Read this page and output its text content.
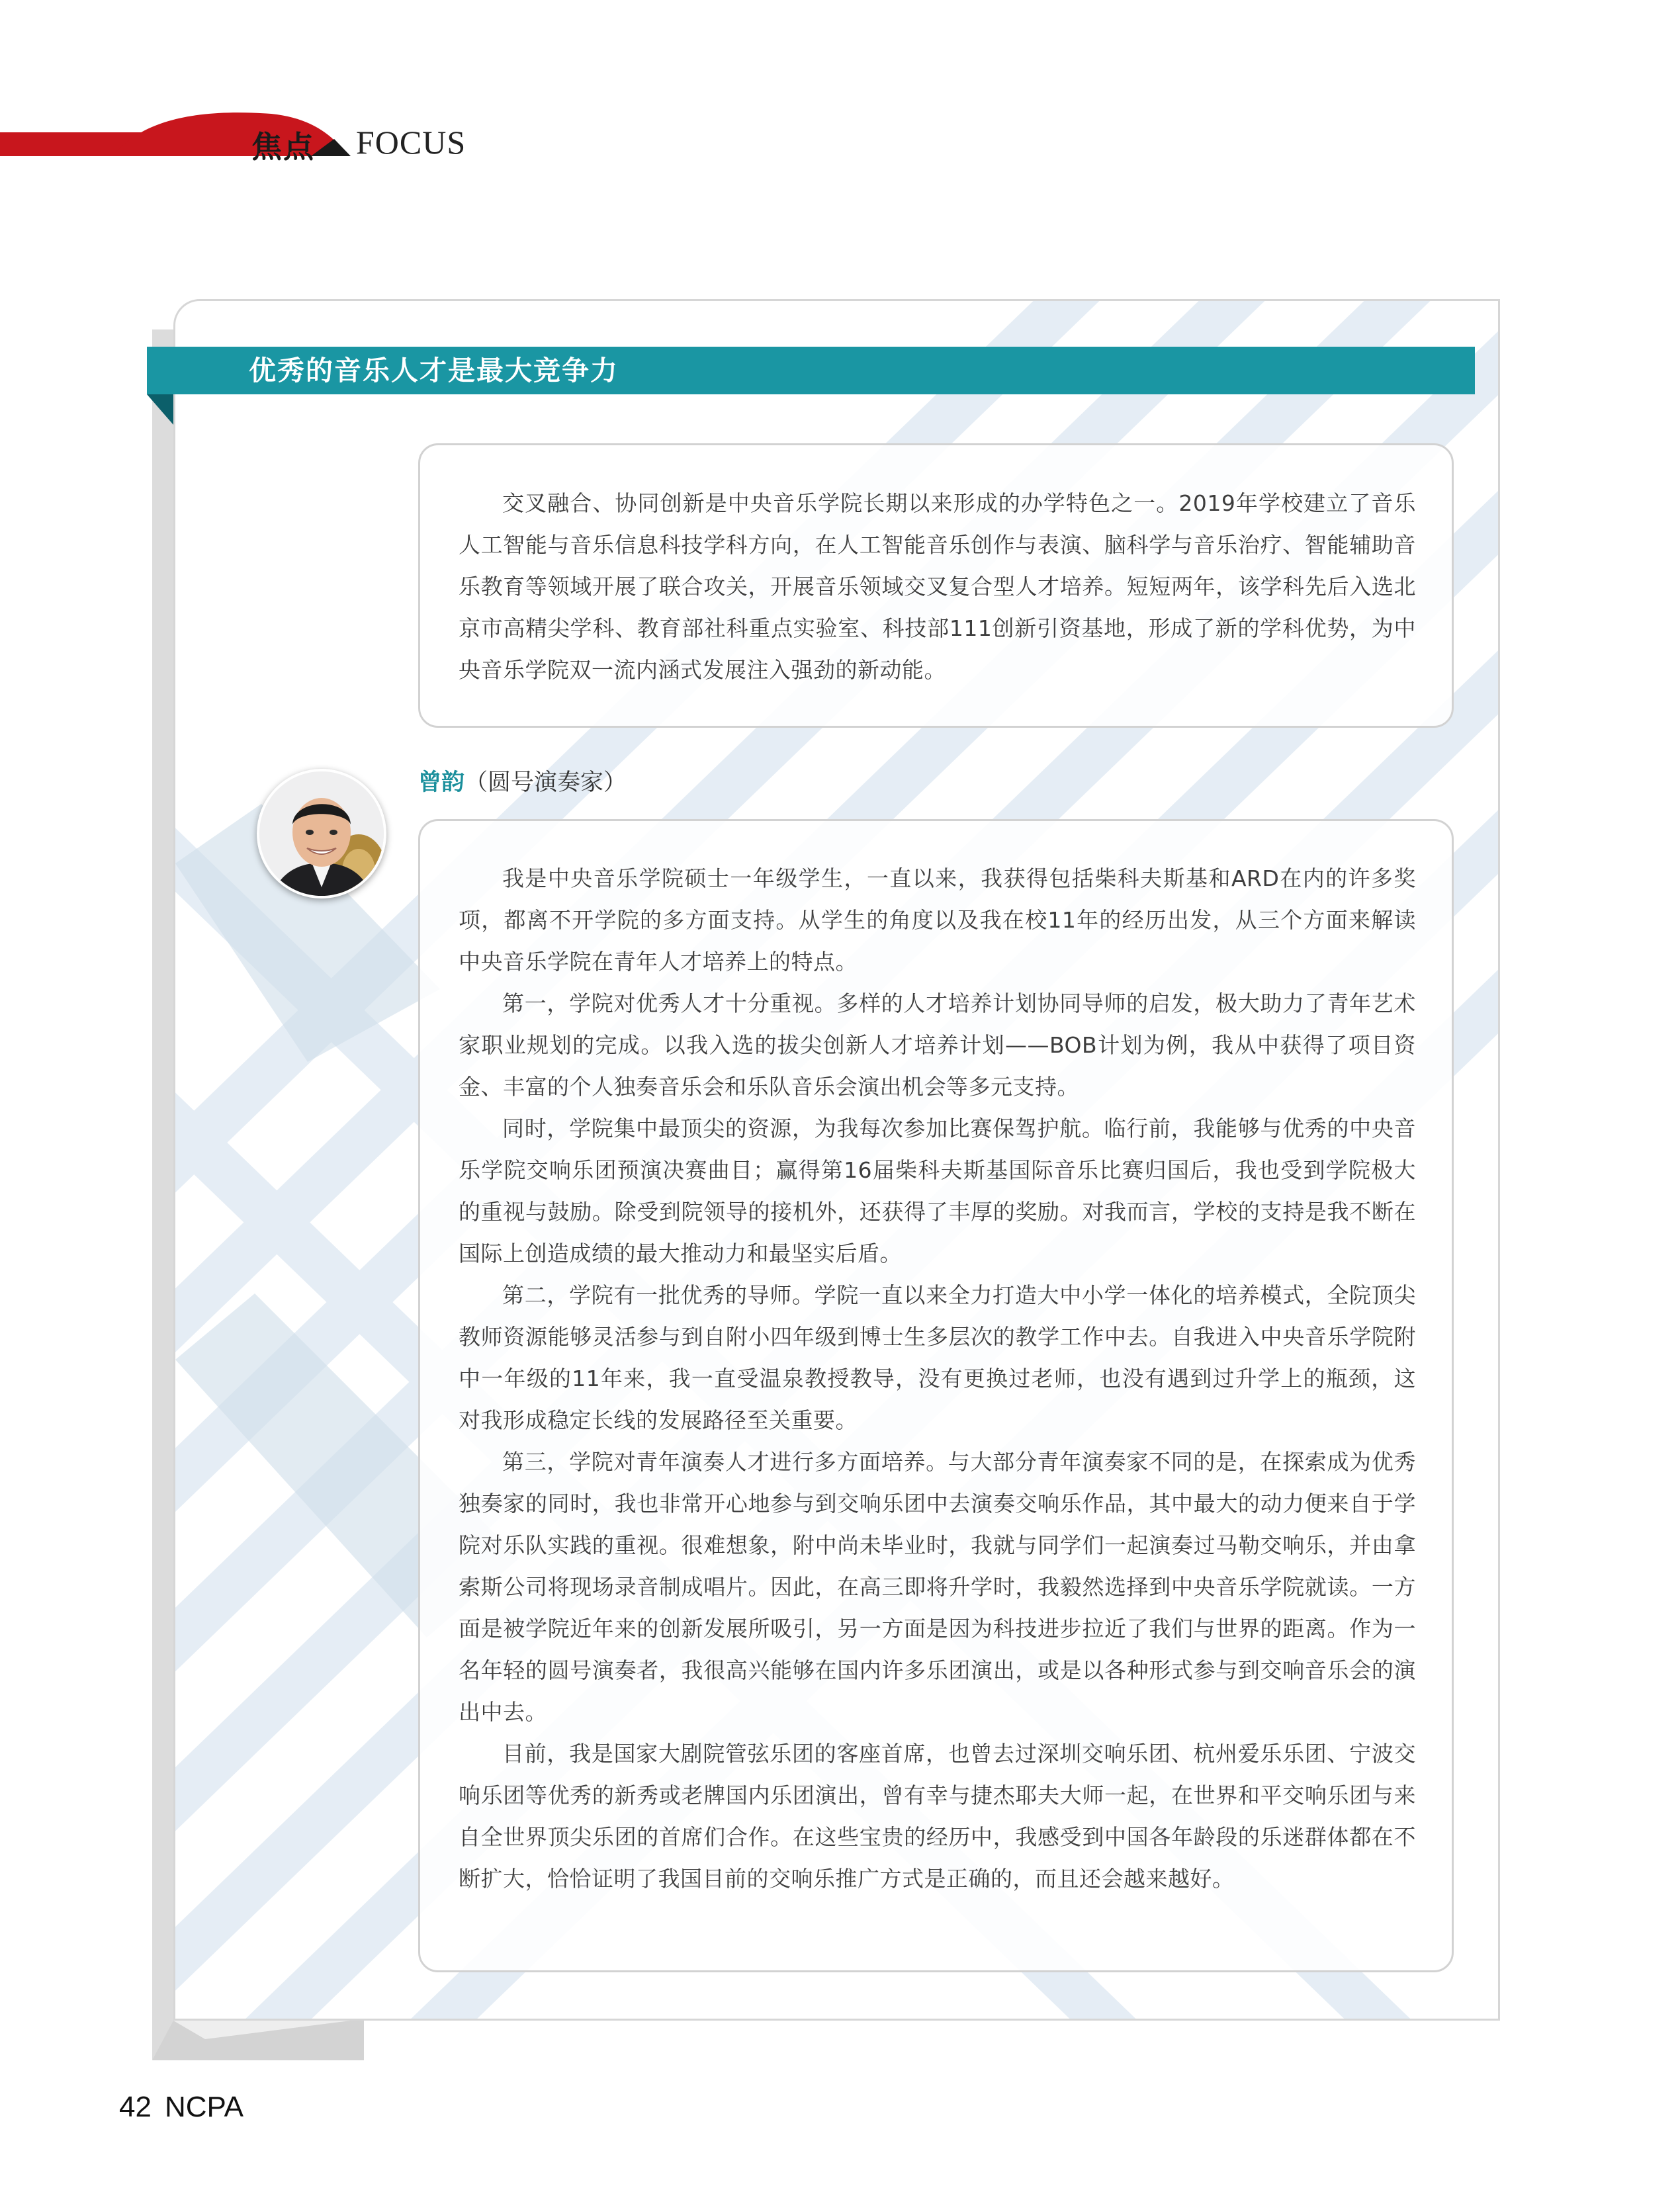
焦点 FOCUS
优秀的音乐人才是最大竞争力

交叉融合、协同创新是中央音乐学院长期以来形成的办学特色之一。2019年学校建立了音乐人工智能与音乐信息科技学科方向，在人工智能音乐创作与表演、脑科学与音乐治疗、智能辅助音乐教育等领域开展了联合攻关，开展音乐领域交叉复合型人才培养。短短两年，该学科先后入选北京市高精尖学科、教育部社科重点实验室、科技部111创新引资基地，形成了新的学科优势，为中央音乐学院双一流内涵式发展注入强劲的新动能。

曾韵（圆号演奏家）

我是中央音乐学院硕士一年级学生，一直以来，我获得包括柴科夫斯基和ARD在内的许多奖项，都离不开学院的多方面支持。从学生的角度以及我在校11年的经历出发，从三个方面来解读中央音乐学院在青年人才培养上的特点。

第一，学院对优秀人才十分重视。多样的人才培养计划协同导师的启发，极大助力了青年艺术家职业规划的完成。以我入选的拔尖创新人才培养计划——BOB计划为例，我从中获得了项目资金、丰富的个人独奏音乐会和乐队音乐会演出机会等多元支持。

同时，学院集中最顶尖的资源，为我每次参加比赛保驾护航。临行前，我能够与优秀的中央音乐学院交响乐团预演决赛曲目；赢得第16届柴科夫斯基国际音乐比赛归国后，我也受到学院极大的重视与鼓励。除受到院领导的接机外，还获得了丰厚的奖励。对我而言，学校的支持是我不断在国际上创造成绩的最大推动力和最坚实后盾。

第二，学院有一批优秀的导师。学院一直以来全力打造大中小学一体化的培养模式，全院顶尖教师资源能够灵活参与到自附小四年级到博士生多层次的教学工作中去。自我进入中央音乐学院附中一年级的11年来，我一直受温泉教授教导，没有更换过老师，也没有遇到过升学上的瓶颈，这对我形成稳定长线的发展路径至关重要。

第三，学院对青年演奏人才进行多方面培养。与大部分青年演奏家不同的是，在探索成为优秀独奏家的同时，我也非常开心地参与到交响乐团中去演奏交响乐作品，其中最大的动力便来自于学院对乐队实践的重视。很难想象，附中尚未毕业时，我就与同学们一起演奏过马勒交响乐，并由拿索斯公司将现场录音制成唱片。因此，在高三即将升学时，我毅然选择到中央音乐学院就读。一方面是被学院近年来的创新发展所吸引，另一方面是因为科技进步拉近了我们与世界的距离。作为一名年轻的圆号演奏者，我很高兴能够在国内许多乐团演出，或是以各种形式参与到交响音乐会的演出中去。

目前，我是国家大剧院管弦乐团的客座首席，也曾去过深圳交响乐团、杭州爱乐乐团、宁波交响乐团等优秀的新秀或老牌国内乐团演出，曾有幸与捷杰耶夫大师一起，在世界和平交响乐团与来自全世界顶尖乐团的首席们合作。在这些宝贵的经历中，我感受到中国各年龄段的乐迷群体都在不断扩大，恰恰证明了我国目前的交响乐推广方式是正确的，而且还会越来越好。

42 NCPA
